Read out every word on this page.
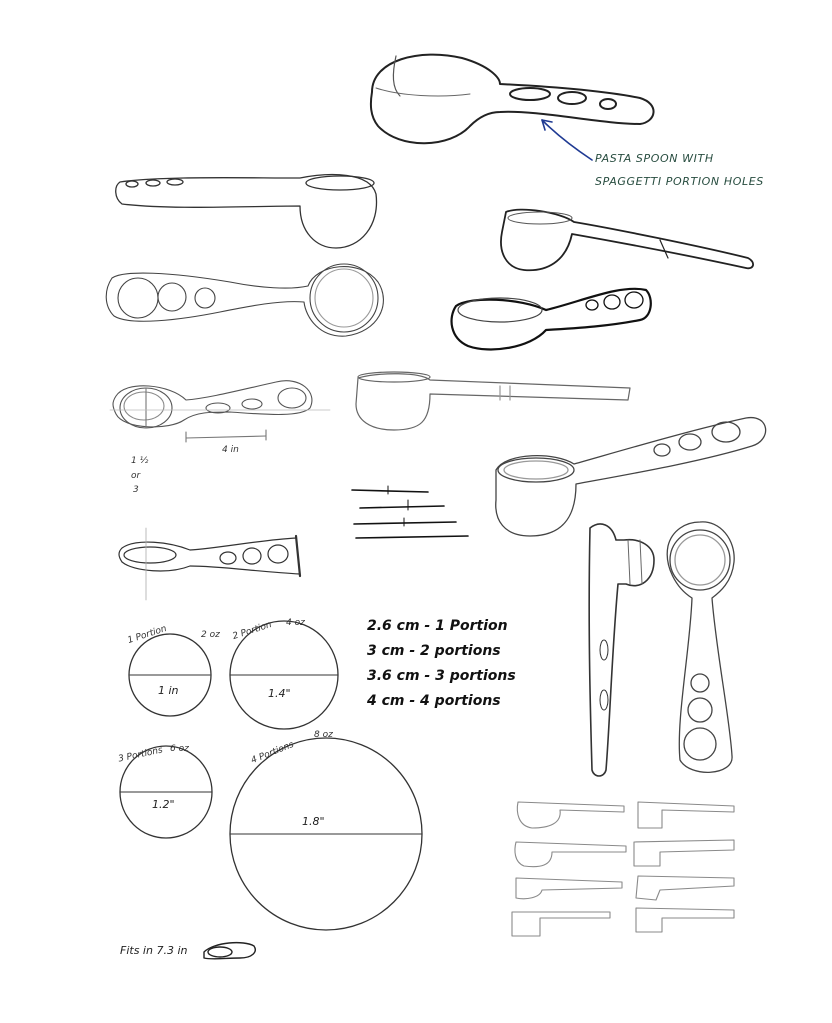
PASTA SPOON WITH

SPAGGETTI PORTION HOLES

4 in

1 ½

or

3

1 Portion	2 oz

1 in

2 Portion 4 oz

1.4"

3 Portions 6 oz

1.2"

4 Portions

8 oz

1.8"

2.6 cm - 1 Portion

3 cm - 2 portions

3.6 cm - 3 portions

4 cm - 4 portions

Fits in 7.3 in
